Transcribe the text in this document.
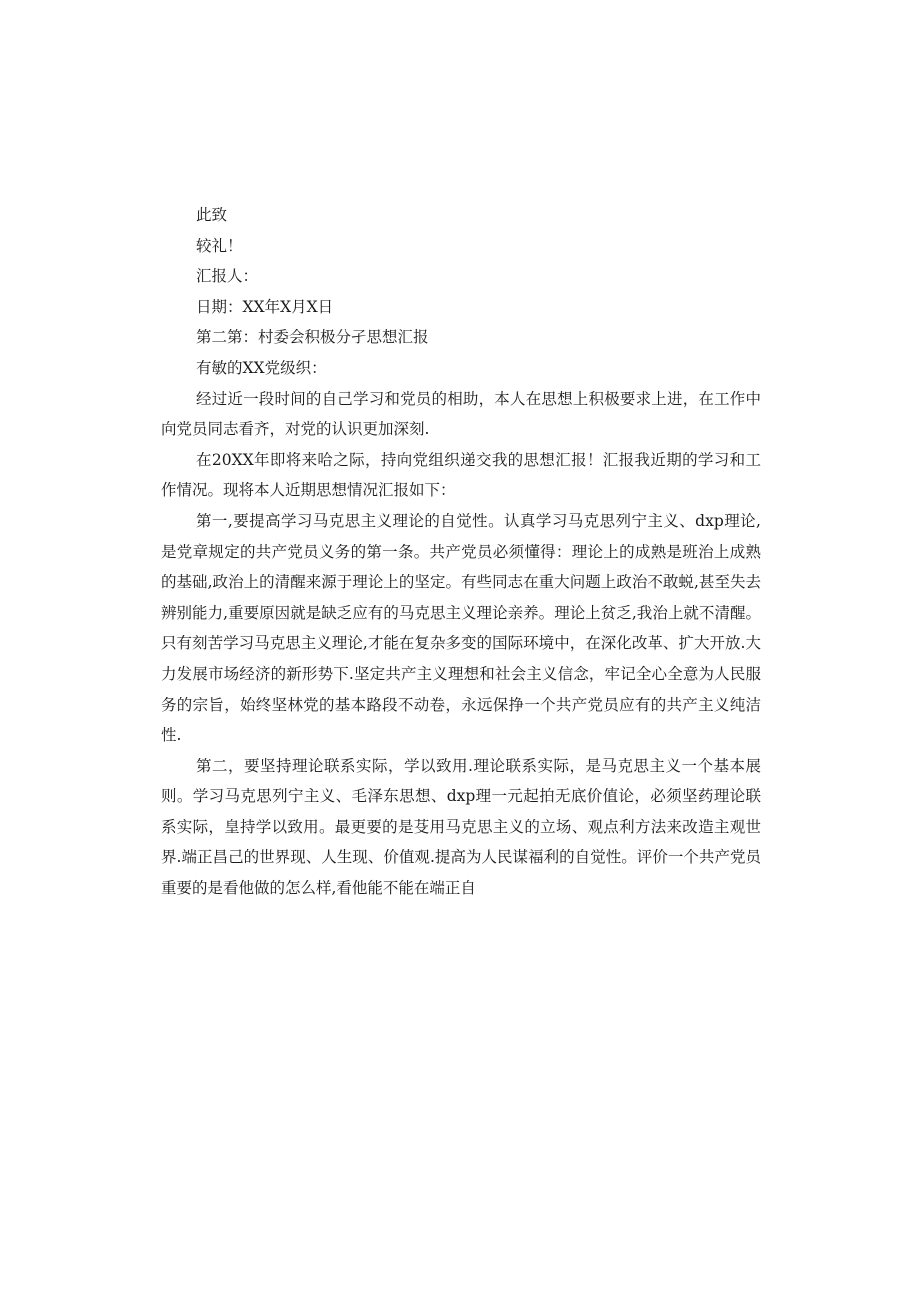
此致

较礼！

汇报人：

日期：XX年X月X日

第二第：村委会积极分孑思想汇报

有敏的XX党级织：

经过近一段时间的自己学习和党员的相助，本人在思想上积极要求上进，在工作中向党员同志看齐，对党的认识更加深刻.

在20XX年即将来哈之际，持向党组织递交我的思想汇报！汇报我近期的学习和工作情况。现将本人近期思想情况汇报如下：

第一,要提高学习马克思主义理论的自觉性。认真学习马克思列宁主义、dxp理论,是党章规定的共产党员义务的第一条。共产党员必须懂得：理论上的成熟是班治上成熟的基础,政治上的清醒来源于理论上的坚定。有些同志在重大问题上政治不敢蜕,甚至失去辨别能力,重要原因就是缺乏应有的马克思主义理论亲养。理论上贫乏,我治上就不清醒。只有刻苦学习马克思主义理论,才能在复杂多变的国际环境中，在深化改革、扩大开放.大力发展市场经济的新形势下.坚定共产主义理想和社会主义信念，牢记全心全意为人民服务的宗旨，始终坚林党的基本路段不动卷，永远保挣一个共产党员应有的共产主义纯洁性.

第二，要坚持理论联系实际，学以致用.理论联系实际，是马克思主义一个基本展则。学习马克思列宁主义、毛泽东思想、dxp理一元起拍无底价值论，必须坚药理论联系实际，皇持学以致用。最更要的是芟用马克思主义的立场、观点利方法来改造主观世界.端正昌己的世界现、人生现、价值观.提高为人民谋福利的自觉性。评价一个共产党员重要的是看他做的怎么样,看他能不能在端正自
